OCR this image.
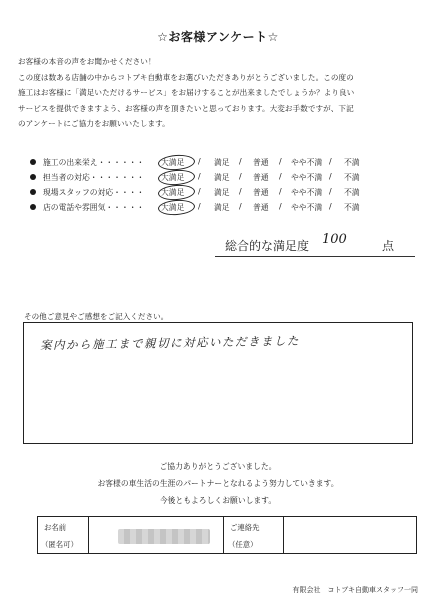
☆お客様アンケート☆
お客様の本音の声をお聞かせください！
この度は数ある店舗の中からコトブキ自動車をお選びいただきありがとうございました。この度の
施工はお客様に「満足いただけるサービス」をお届けすることが出来ましたでしょうか？より良い
サービスを提供できますよう、お客様の声を頂きたいと思っております。大変お手数ですが、下記
のアンケートにご協力をお願いいたします。
施工の出来栄え・・・・・・ 大満足 / 満足 / 普通 / やや不満 / 不満
担当者の対応・・・・・・・ 大満足 / 満足 / 普通 / やや不満 / 不満
現場スタッフの対応・・・・ 大満足 / 満足 / 普通 / やや不満 / 不満
店の電話や雰囲気・・・・・ 大満足 / 満足 / 普通 / やや不満 / 不満
総合的な満足度 100	点
その他ご意見やご感想をご記入ください。
案内から施工まで親切に対応いただきました
ご協力ありがとうございました。
お客様の車生活の生涯のパートナーとなれるよう努力していきます。
今後ともよろしくお願いします。
お名前
（匿名可）
ご連絡先
（任意）
有限会社　コトブキ自動車スタッフ一同
